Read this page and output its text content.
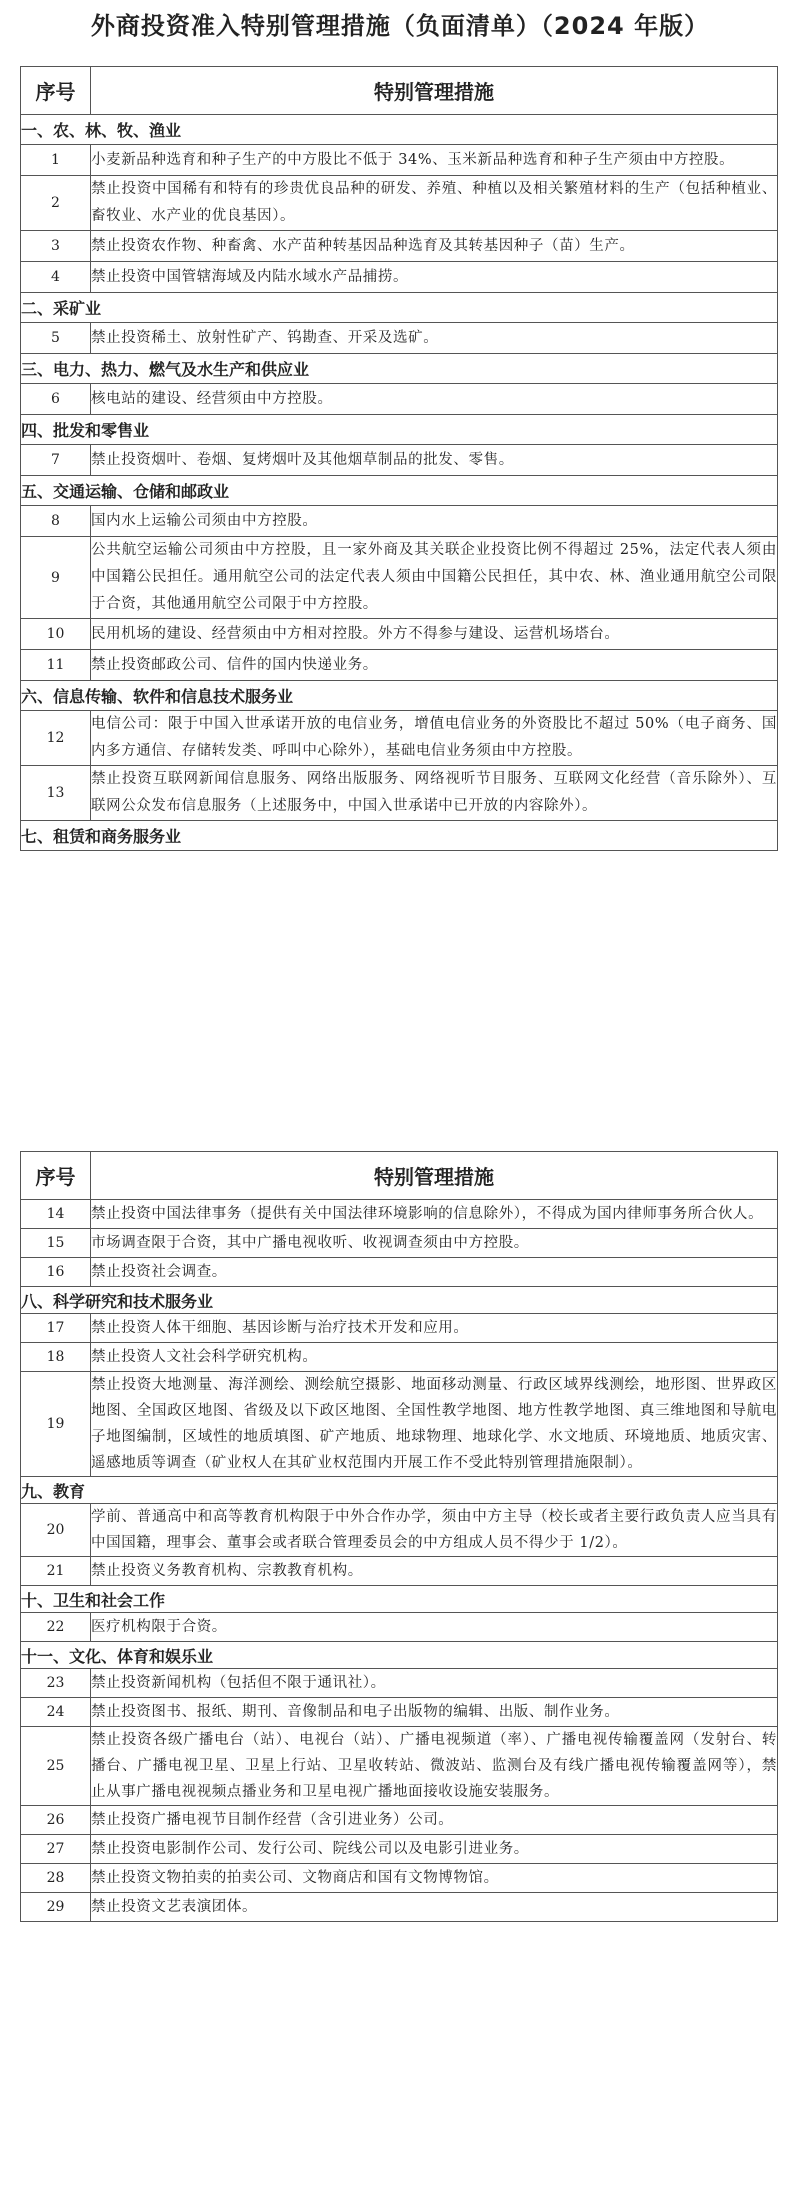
外商投资准入特别管理措施（负面清单）（2024 年版）
序号	特别管理措施
一、农、林、牧、渔业	
1	小麦新品种选育和种子生产的中方股比不低于 34%、玉米新品种选育和种子生产须由中方控股。
2	禁止投资中国稀有和特有的珍贵优良品种的研发、养殖、种植以及相关繁殖材料的生产（包括种植业、畜牧业、水产业的优良基因）。
3	禁止投资农作物、种畜禽、水产苗种转基因品种选育及其转基因种子（苗）生产。
4	禁止投资中国管辖海域及内陆水域水产品捕捞。
二、采矿业	
5	禁止投资稀土、放射性矿产、钨勘查、开采及选矿。
三、电力、热力、燃气及水生产和供应业	
6	核电站的建设、经营须由中方控股。
四、批发和零售业	
7	禁止投资烟叶、卷烟、复烤烟叶及其他烟草制品的批发、零售。
五、交通运输、仓储和邮政业	
8	国内水上运输公司须由中方控股。
9	公共航空运输公司须由中方控股，且一家外商及其关联企业投资比例不得超过 25%，法定代表人须由中国籍公民担任。通用航空公司的法定代表人须由中国籍公民担任，其中农、林、渔业通用航空公司限于合资，其他通用航空公司限于中方控股。
10	民用机场的建设、经营须由中方相对控股。外方不得参与建设、运营机场塔台。
11	禁止投资邮政公司、信件的国内快递业务。
六、信息传输、软件和信息技术服务业	
12	电信公司：限于中国入世承诺开放的电信业务，增值电信业务的外资股比不超过 50%（电子商务、国内多方通信、存储转发类、呼叫中心除外），基础电信业务须由中方控股。
13	禁止投资互联网新闻信息服务、网络出版服务、网络视听节目服务、互联网文化经营（音乐除外）、互联网公众发布信息服务（上述服务中，中国入世承诺中已开放的内容除外）。
七、租赁和商务服务业	
序号	特别管理措施
14	禁止投资中国法律事务（提供有关中国法律环境影响的信息除外），不得成为国内律师事务所合伙人。
15	市场调查限于合资，其中广播电视收听、收视调查须由中方控股。
16	禁止投资社会调查。
八、科学研究和技术服务业	
17	禁止投资人体干细胞、基因诊断与治疗技术开发和应用。
18	禁止投资人文社会科学研究机构。
19	禁止投资大地测量、海洋测绘、测绘航空摄影、地面移动测量、行政区域界线测绘，地形图、世界政区地图、全国政区地图、省级及以下政区地图、全国性教学地图、地方性教学地图、真三维地图和导航电子地图编制，区域性的地质填图、矿产地质、地球物理、地球化学、水文地质、环境地质、地质灾害、遥感地质等调查（矿业权人在其矿业权范围内开展工作不受此特别管理措施限制）。
九、教育	
20	学前、普通高中和高等教育机构限于中外合作办学，须由中方主导（校长或者主要行政负责人应当具有中国国籍，理事会、董事会或者联合管理委员会的中方组成人员不得少于 1/2）。
21	禁止投资义务教育机构、宗教教育机构。
十、卫生和社会工作	
22	医疗机构限于合资。
十一、文化、体育和娱乐业	
23	禁止投资新闻机构（包括但不限于通讯社）。
24	禁止投资图书、报纸、期刊、音像制品和电子出版物的编辑、出版、制作业务。
25	禁止投资各级广播电台（站）、电视台（站）、广播电视频道（率）、广播电视传输覆盖网（发射台、转播台、广播电视卫星、卫星上行站、卫星收转站、微波站、监测台及有线广播电视传输覆盖网等），禁止从事广播电视视频点播业务和卫星电视广播地面接收设施安装服务。
26	禁止投资广播电视节目制作经营（含引进业务）公司。
27	禁止投资电影制作公司、发行公司、院线公司以及电影引进业务。
28	禁止投资文物拍卖的拍卖公司、文物商店和国有文物博物馆。
29	禁止投资文艺表演团体。
